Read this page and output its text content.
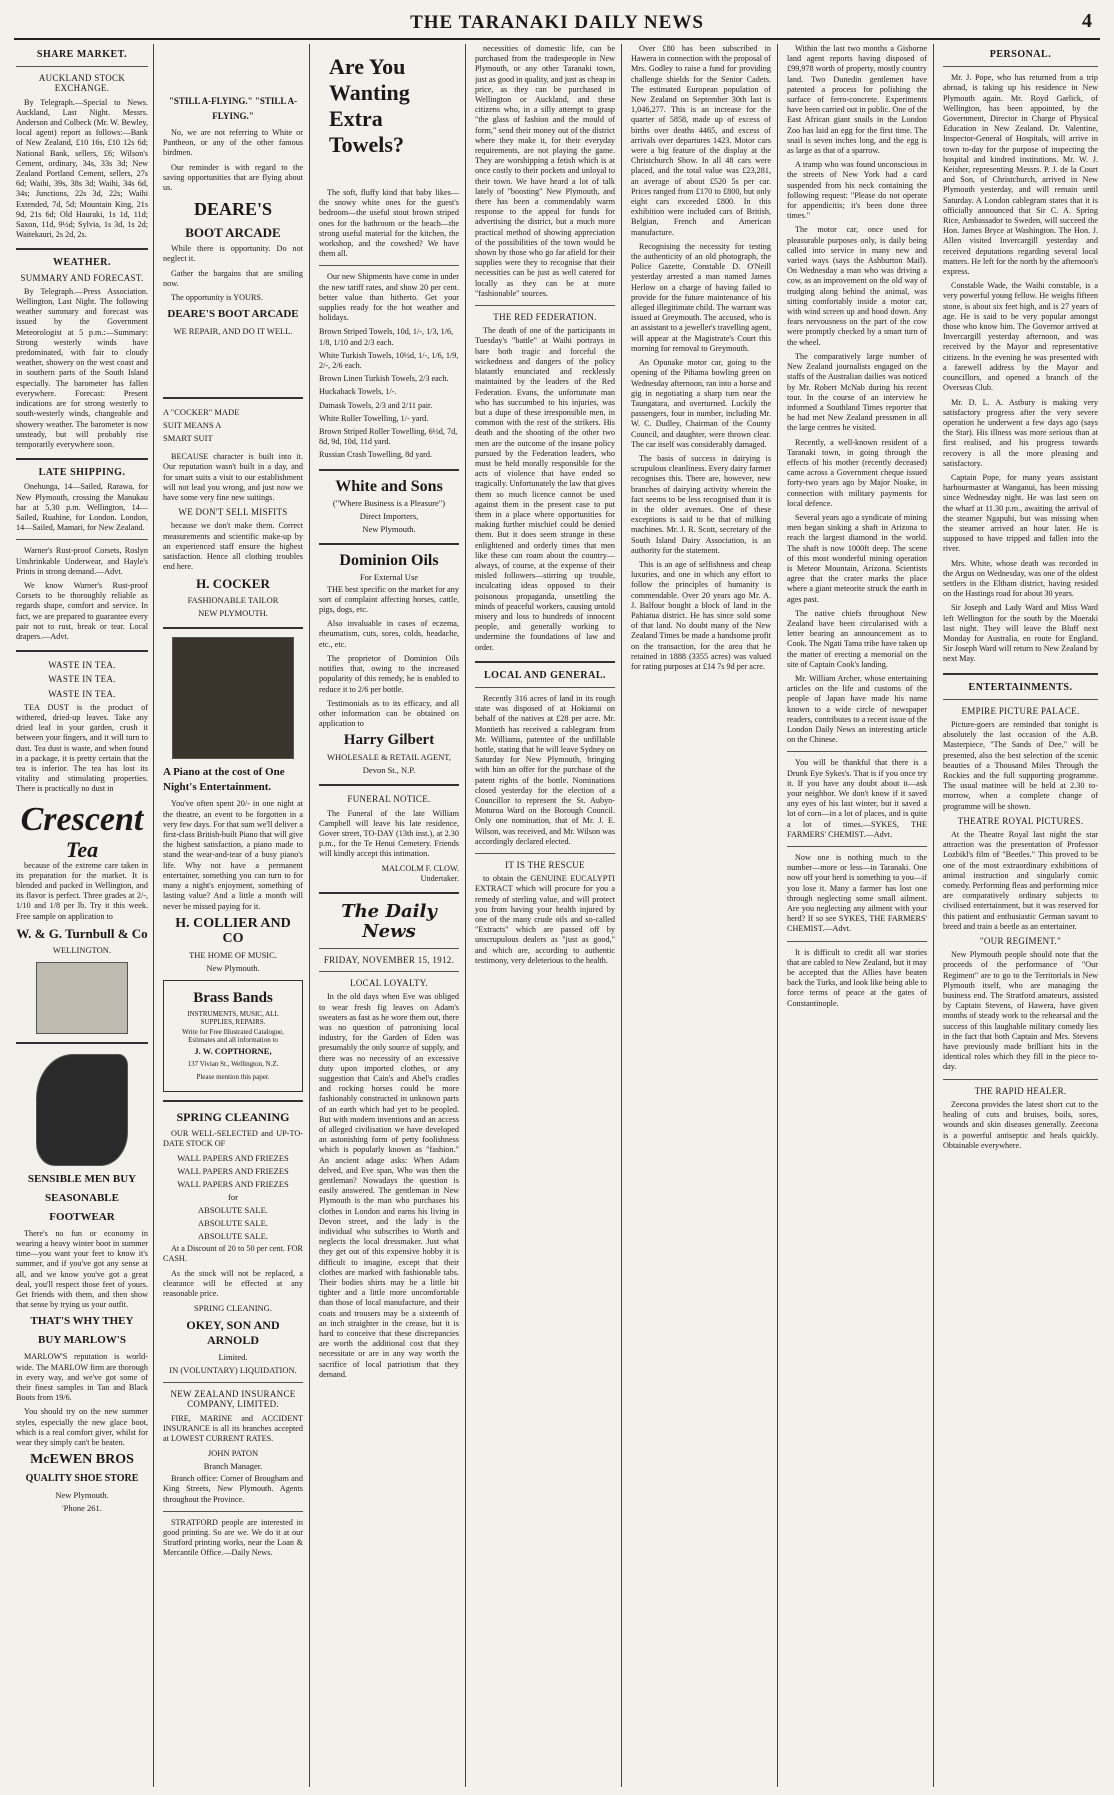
THE TARANAKI DAILY NEWS	4
SHARE MARKET.
AUCKLAND STOCK EXCHANGE.

By Telegraph.—Special to News. Auckland, Last Night. Messrs. Anderson and Colbeck (Mr. W. Bewley, local agent) report as follows:—Bank of New Zealand, £10 16s, £10 12s 6d; National Bank, sellers, £6; Wilson's Cement, ordinary, 34s, 33s 3d; New Zealand Portland Cement, sellers, 27s 6d; Waihi, 39s, 38s 3d; Waihi, 34s 6d, 34s; Junctions, 22s 3d, 22s; Waihi Extended, 7d, 5d; Mountain King, 21s 9d, 21s 6d; Old Hauraki, 1s 1d, 11d; Saxon, 11d, 9½d; Sylvia, 1s 3d, 1s 2d; Waitekauri, 2s 2d, 2s.

WEATHER.
SUMMARY AND FORECAST.

By Telegraph.—Press Association. Wellington, Last Night. The following weather summary and forecast was issued by the Government Meteorologist at 5 p.m.:—Summary: Strong westerly winds have predominated, with fair to cloudy weather, showery on the west coast and in southern parts of the South Island especially. The barometer has fallen everywhere. Forecast: Present indications are for strong westerly to south-westerly winds, changeable and showery weather. The barometer is now unsteady, but will probably rise temporarily everywhere soon.

LATE SHIPPING.

Onehunga, 14—Sailed, Rarawa, for New Plymouth, crossing the Manukau bar at 5.30 p.m. Wellington, 14—Sailed, Ruahine, for London. London, 14—Sailed, Mamari, for New Zealand.

Warner's Rust-proof Corsets, Roslyn Unshrinkable Underwear, and Hayle's Prints in strong demand.—Advt.

We know Warner's Rust-proof Corsets to be thoroughly reliable as regards shape, comfort and service. In fact, we are prepared to guarantee every pair not to rust, break or tear. Local drapers.—Advt.

WASTE IN TEA.
WASTE IN TEA.
WASTE IN TEA.

TEA DUST is the product of withered, dried-up leaves. Take any dried leaf in your garden, crush it between your fingers, and it will turn to dust. Tea dust is waste, and when found in a package, it is pretty certain that the tea is inferior. The tea has lost its vitality and stimulating properties. There is practically no dust in

Crescent
Tea

because of the extreme care taken in its preparation for the market. It is blended and packed in Wellington, and its flavor is perfect. Three grades at 2/-, 1/10 and 1/8 per lb. Try it this week. Free sample on application to

W. & G. Turnbull & Co
WELLINGTON.
SENSIBLE MEN BUY
SEASONABLE
FOOTWEAR

There's no fun or economy in wearing a heavy winter boot in summer time—you want your feet to know it's summer, and if you've got any sense at all, and we know you've got a great deal, you'll respect those feet of yours. Get friends with them, and then show that sense by trying us your outfit.

THAT'S WHY THEY
BUY MARLOW'S

MARLOW'S reputation is world-wide. The MARLOW firm are thorough in every way, and we've got some of their finest samples in Tan and Black Boots from 19/6.

You should try on the new summer styles, especially the new glace boot, which is a real comfort giver, whilst for wear they simply can't be beaten.

McEWEN BROS
QUALITY SHOE STORE
New Plymouth.
'Phone 261.
"STILL A-FLYING." "STILL A-FLYING."

No, we are not referring to White or Pantheon, or any of the other famous birdmen.

Our reminder is with regard to the saving opportunities that are flying about us.

DEARE'S
BOOT ARCADE

While there is opportunity. Do not neglect it.

Gather the bargains that are smiling now.

The opportunity is YOURS.

DEARE'S BOOT ARCADE
WE REPAIR, AND DO IT WELL.
A "COCKER" MADE
SUIT MEANS A
SMART SUIT

BECAUSE character is built into it. Our reputation wasn't built in a day, and for smart suits a visit to our establishment will not lead you wrong, and just now we have some very fine new suitings.

WE DON'T SELL MISFITS

because we don't make them. Correct measurements and scientific make-up by an experienced staff ensure the highest satisfaction. Hence all clothing troubles end here.

H. COCKER
FASHIONABLE TAILOR
NEW PLYMOUTH.
A Piano at the cost of One Night's Entertainment.

You've often spent 20/- in one night at the theatre, an event to be forgotten in a very few days. For that sum we'll deliver a first-class British-built Piano that will give the highest satisfaction, a piano made to stand the wear-and-tear of a busy piano's life. Why not have a permanent entertainer, something you can turn to for many a night's enjoyment, something of lasting value? And a little a month will never be missed paying for it.

H. COLLIER AND CO
THE HOME OF MUSIC.
New Plymouth.
Brass Bands
INSTRUMENTS, MUSIC, ALL SUPPLIES, REPAIRS.
Write for Free Illustrated Catalogue, Estimates and all information to
J. W. COPTHORNE,
137 Vivian St., Wellington, N.Z.
Please mention this paper.
SPRING CLEANING

OUR WELL-SELECTED and UP-TO-DATE STOCK OF

WALL PAPERS AND FRIEZES
WALL PAPERS AND FRIEZES
WALL PAPERS AND FRIEZES
for
ABSOLUTE SALE.
ABSOLUTE SALE.
ABSOLUTE SALE.

At a Discount of 20 to 50 per cent. FOR CASH.

As the stock will not be replaced, a clearance will be effected at any reasonable price.

SPRING CLEANING.
OKEY, SON AND ARNOLD
Limited.
IN (VOLUNTARY) LIQUIDATION.
NEW ZEALAND INSURANCE COMPANY, LIMITED.

FIRE, MARINE and ACCIDENT INSURANCE is all its branches accepted at LOWEST CURRENT RATES.

JOHN PATON
Branch Manager.

Branch office: Corner of Brougham and King Streets, New Plymouth. Agents throughout the Province.

STRATFORD people are interested in good printing. So are we. We do it at our Stratford printing works, near the Loan & Mercantile Office.—Daily News.

Are You
Wanting
Extra
Towels?

The soft, fluffy kind that baby likes—the snowy white ones for the guest's bedroom—the useful stout brown striped ones for the bathroom or the beach—the strong useful material for the kitchen, the workshop, and the cowshed? We have them all.

Our new Shipments have come in under the new tariff rates, and show 20 per cent. better value than hitherto. Get your supplies ready for the hot weather and holidays.

Brown Striped Towels, 10d, 1/-, 1/3, 1/6, 1/8, 1/10 and 2/3 each.
White Turkish Towels, 10½d, 1/-, 1/6, 1/9, 2/-, 2/6 each.
Brown Linen Turkish Towels, 2/3 each.
Huckaback Towels, 1/-.
Damask Towels, 2/3 and 2/11 pair.
White Roller Towelling, 1/- yard.
Brown Striped Roller Towelling, 6½d, 7d, 8d, 9d, 10d, 11d yard.
Russian Crash Towelling, 8d yard.
White and Sons
("Where Business is a Pleasure")
Direct Importers,
New Plymouth.
Dominion Oils
For External Use

THE best specific on the market for any sort of complaint affecting horses, cattle, pigs, dogs, etc.

Also invaluable in cases of eczema, rheumatism, cuts, sores, colds, headache, etc., etc.

The proprietor of Dominion Oils notifies that, owing to the increased popularity of this remedy, he is enabled to reduce it to 2/6 per bottle.

Testimonials as to its efficacy, and all other information can be obtained on application to

Harry Gilbert
WHOLESALE & RETAIL AGENT,
Devon St., N.P.
FUNERAL NOTICE.

The Funeral of the late William Campbell will leave his late residence, Gover street, TO-DAY (13th inst.), at 2.30 p.m., for the Te Henui Cemetery. Friends will kindly accept this intimation.

MALCOLM F. CLOW.
Undertaker.
The Daily News
FRIDAY, NOVEMBER 15, 1912.
LOCAL LOYALTY.

In the old days when Eve was obliged to wear fresh fig leaves on Adam's sweaters as fast as he wore them out, there was no question of patronising local industry, for the Garden of Eden was presumably the only source of supply, and there was no necessity of an excessive duty upon imported clothes, or any suggestion that Cain's and Abel's cradles and rocking horses could be more fashionably constructed in unknown parts of an earth which had yet to be peopled. But with modern inventions and an access of alleged civilisation we have developed an astonishing form of petty foolishness which is popularly known as "fashion." An ancient adage asks: When Adam delved, and Eve span, Who was then the gentleman? Nowadays the question is easily answered. The gentleman in New Plymouth is the man who purchases his clothes in London and earns his living in Devon street, and the lady is the individual who subscribes to Worth and neglects the local dressmaker. Just what they get out of this expensive hobby it is difficult to imagine, except that their clothes are marked with fashionable tabs. Their bodies shirts may be a little bit tighter and a little more uncomfortable than those of local manufacture, and their coats and trousers may be a sixteenth of an inch straighter in the crease, but it is hard to conceive that these discrepancies are worth the additional cost that they necessitate or are in any way worth the sacrifice of local patriotism that they demand.

necessities of domestic life, can be purchased from the tradespeople in New Plymouth, or any other Taranaki town, just as good in quality, and just as cheap in price, as they can be purchased in Wellington or Auckland, and these citizens who, in a silly attempt to grasp "the glass of fashion and the mould of form," send their money out of the district where they make it, for their everyday requirements, are not playing the game. They are worshipping a fetish which is at once costly to their pockets and unloyal to their town. We have heard a lot of talk lately of "boosting" New Plymouth, and there has been a commendably warm response to the appeal for funds for advertising the district, but a much more practical method of showing appreciation of the possibilities of the town would be shown by those who go far afield for their supplies were they to recognise that their necessities can be just as well catered for locally as they can be at more "fashionable" sources.

THE RED FEDERATION.

The death of one of the participants in Tuesday's "battle" at Waihi portrays in bare both tragic and forceful the wickedness and dangers of the policy blatantly enunciated and recklessly maintained by the leaders of the Red Federation. Evans, the unfortunate man who has succumbed to his injuries, was but a dupe of these irresponsible men, in common with the rest of the strikers. His death and the shooting of the other two men are the outcome of the insane policy pursued by the Federation leaders, who must be held morally responsible for the acts of violence that have ended so tragically. Unfortunately the law that gives them so much licence cannot be used against them in the present case to put them in a place where opportunities for making further mischief could be denied them. But it does seem strange in these enlightened and orderly times that men like these can roam about the country—always, of course, at the expense of their misled followers—stirring up trouble, inculcating ideas opposed to their poisonous propaganda, unsettling the minds of peaceful workers, causing untold misery and loss to hundreds of innocent people, and generally working to undermine the foundations of law and order.

LOCAL AND GENERAL.

Recently 316 acres of land in its rough state was disposed of at Hokianui on behalf of the natives at £28 per acre. Mr. Montieth has received a cablegram from Mr. Williams, patentee of the unfillable bottle, stating that he will leave Sydney on Saturday for New Plymouth, bringing with him an offer for the purchase of the patent rights of the bottle. Nominations closed yesterday for the election of a Councillor to represent the St. Aubyn-Moturoa Ward on the Borough Council. Only one nomination, that of Mr. J. E. Wilson, was received, and Mr. Wilson was accordingly declared elected.

IT IS THE RESCUE

to obtain the GENUINE EUCALYPTI EXTRACT which will procure for you a remedy of sterling value, and will protect you from having your health injured by one of the many crude oils and so-called "Extracts" which are passed off by unscrupulous dealers as "just as good," and which are, according to authentic testimony, very deleterious to the health.

Over £80 has been subscribed in Hawera in connection with the proposal of Mrs. Godley to raise a fund for providing challenge shields for the Senior Cadets. The estimated European population of New Zealand on September 30th last is 1,046,277. This is an increase for the quarter of 5858, made up of excess of births over deaths 4465, and excess of arrivals over departures 1423. Motor cars were a big feature of the display at the Christchurch Show. In all 48 cars were placed, and the total value was £23,281, an average of about £520 5s per car. Prices ranged from £170 to £800, but only eight cars exceeded £800. In this exhibition were included cars of British, Belgian, French and American manufacture.

Recognising the necessity for testing the authenticity of an old photograph, the Police Gazette, Constable D. O'Neill yesterday arrested a man named James Herlow on a charge of having failed to provide for the future maintenance of his alleged illegitimate child. The warrant was issued at Greymouth. The accused, who is an assistant to a jeweller's travelling agent, will appear at the Magistrate's Court this morning for removal to Greymouth.

An Opunake motor car, going to the opening of the Pihama bowling green on Wednesday afternoon, ran into a horse and gig in negotiating a sharp turn near the Taungatara, and overturned. Luckily the passengers, four in number, including Mr. W. C. Dudley, Chairman of the County Council, and daughter, were thrown clear. The car itself was considerably damaged.

The basis of success in dairying is scrupulous cleanliness. Every dairy farmer recognises this. There are, however, new branches of dairying activity wherein the fact seems to be less recognised than it is in the older avenues. One of these exceptions is said to be that of milking machines. Mr. J. R. Scott, secretary of the South Island Dairy Association, is an authority for the statement.

This is an age of selfishness and cheap luxuries, and one in which any effort to follow the principles of humanity is commendable. Over 20 years ago Mr. A. J. Balfour bought a block of land in the Pahiatua district. He has since sold some of that land. No doubt many of the New Zealand Times be made a handsome profit on the transaction, for the area that he retained in 1888 (3355 acres) was valued for rating purposes at £14 7s 9d per acre.

Within the last two months a Gisborne land agent reports having disposed of £99,978 worth of property, mostly country land. Two Dunedin gentlemen have patented a process for polishing the surface of ferro-concrete. Experiments have been carried out in public. One of the East African giant snails in the London Zoo has laid an egg for the first time. The snail is seven inches long, and the egg is as large as that of a sparrow.

A tramp who was found unconscious in the streets of New York had a card suspended from his neck containing the following request: "Please do not operate for appendicitis; it's been done three times."

The motor car, once used for pleasurable purposes only, is daily being called into service in many new and varied ways (says the Ashburton Mail). On Wednesday a man who was driving a cow, as an improvement on the old way of trudging along behind the animal, was sitting comfortably inside a motor car, with wind screen up and hood down. Any fears nervousness on the part of the cow were promptly checked by a smart turn of the wheel.

The comparatively large number of New Zealand journalists engaged on the staffs of the Australian dailies was noticed by Mr. Robert McNab during his recent tour. In the course of an interview he informed a Southland Times reporter that he had met New Zealand pressmen in all the large centres he visited.

Recently, a well-known resident of a Taranaki town, in going through the effects of his mother (recently deceased) came across a Government cheque issued forty-two years ago by Major Noake, in connection with military payments for local defence.

Several years ago a syndicate of mining men began sinking a shaft in Arizona to reach the largest diamond in the world. The shaft is now 1000ft deep. The scene of this most wonderful mining operation is Meteor Mountain, Arizona. Scientists agree that the crater marks the place where a giant meteorite struck the earth in ages past.

The native chiefs throughout New Zealand have been circularised with a letter bearing an announcement as to Cook. The Ngati Tama tribe have taken up the matter of erecting a memorial on the site of Captain Cook's landing.

Mr. William Archer, whose entertaining articles on the life and customs of the people of Japan have made his name known to a wide circle of newspaper readers, contributes to a recent issue of the London Daily News an interesting article on the Chinese.

You will be thankful that there is a Drunk Eye Sykes's. That is if you once try it. If you have any doubt about it—ask your neighbor. We don't know if it saved any eyes of his last winter, but it saved a lot of corn—in a lot of places, and is quite a lot of times.—SYKES, THE FARMERS' CHEMIST.—Advt.

Now one is nothing much to the number—more or less—in Taranaki. One now off your herd is something to you—if you lose it. Many a farmer has lost one through neglecting some small ailment. Are you neglecting any ailment with your herd? If so see SYKES, THE FARMERS' CHEMIST.—Advt.

It is difficult to credit all war stories that are cabled to New Zealand, but it may be accepted that the Allies have beaten back the Turks, and look like being able to force terms of peace at the gates of Constantinople.

PERSONAL.

Mr. J. Pope, who has returned from a trip abroad, is taking up his residence in New Plymouth again. Mr. Royd Garlick, of Wellington, has been appointed, by the Government, Director in Charge of Physical Education in New Zealand. Dr. Valentine, Inspector-General of Hospitals, will arrive in town to-day for the purpose of inspecting the hospital and kindred institutions. Mr. W. J. Keisher, representing Messrs. P. J. de la Court and Son, of Christchurch, arrived in New Plymouth yesterday, and will remain until Saturday. A London cablegram states that it is officially announced that Sir C. A. Spring Rice, Ambassador to Sweden, will succeed the Hon. James Bryce at Washington. The Hon. J. Allen visited Invercargill yesterday and received deputations regarding several local matters. He left for the north by the afternoon's express.

Constable Wade, the Waihi constable, is a very powerful young fellow. He weighs fifteen stone, is about six feet high, and is 27 years of age. He is said to be very popular amongst those who know him. The Governor arrived at Invercargill yesterday afternoon, and was received by the Mayor and representative citizens. In the evening he was presented with a farewell address by the Mayor and councillors, and opened a branch of the Overseas Club.

Mr. D. L. A. Astbury is making very satisfactory progress after the very severe operation he underwent a few days ago (says the Star). His illness was more serious than at first realised, and his progress towards recovery is all the more pleasing and satisfactory.

Captain Pope, for many years assistant harbourmaster at Wanganui, has been missing since Wednesday night. He was last seen on the wharf at 11.30 p.m., awaiting the arrival of the steamer Ngapuhi, but was missing when the steamer arrived an hour later. He is supposed to have tripped and fallen into the river.

Mrs. White, whose death was recorded in the Argus on Wednesday, was one of the oldest settlers in the Eltham district, having resided on the Hastings road for about 30 years.

Sir Joseph and Lady Ward and Miss Ward left Wellington for the south by the Moeraki last night. They will leave the Bluff next Monday for Australia, en route for England. Sir Joseph Ward will return to New Zealand by next May.

ENTERTAINMENTS.
EMPIRE PICTURE PALACE.

Picture-goers are reminded that tonight is absolutely the last occasion of the A.B. Masterpiece, "The Sands of Dee," will be presented, also the best selection of the scenic beauties of a Thousand Miles Through the Rockies and the full supporting programme. The usual matinee will be held at 2.30 to-morrow, when a complete change of programme will be shown.

THEATRE ROYAL PICTURES.

At the Theatre Royal last night the star attraction was the presentation of Professor Lozbikl's film of "Beetles." This proved to be one of the most extraordinary exhibitions of animal instruction and singularly comic comedy. Performing fleas and performing mice are comparatively ordinary subjects to civilised entertainment, but it was reserved for this patient and enthusiastic German savant to breed and train a beetle as an entertainer.

"OUR REGIMENT."

New Plymouth people should note that the proceeds of the performance of "Our Regiment" are to go to the Territorials in New Plymouth itself, who are managing the business end. The Stratford amateurs, assisted by Captain Stevens, of Hawera, have given months of steady work to the rehearsal and the success of this laughable military comedy lies in the fact that both Captain and Mrs. Stevens have previously made brilliant hits in the identical roles which they fill in the piece to-day.

THE RAPID HEALER.

Zeecona provides the latest short cut to the healing of cuts and bruises, boils, sores, wounds and skin diseases generally. Zeecona is a powerful antiseptic and heals quickly. Obtainable everywhere.
